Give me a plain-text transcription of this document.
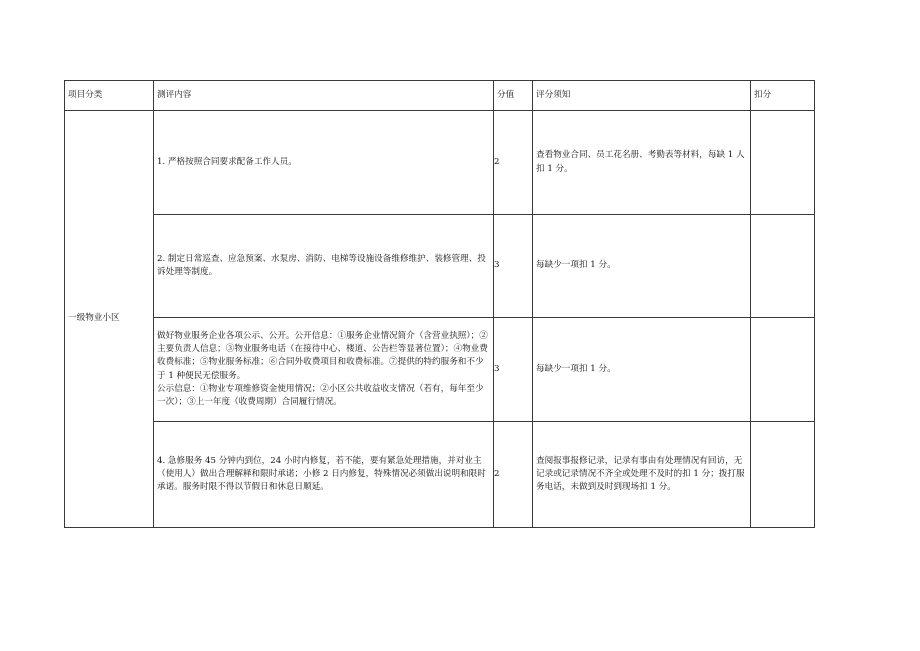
项目分类	测评内容	分值	评分须知	扣分
一级物业小区	1. 严格按照合同要求配备工作人员。	2	查看物业合同、员工花名册、考勤表等材料，每缺 1 人扣 1 分。	

	2. 制定日常巡查、应急预案、水泵房、消防、电梯等设施设备维修维护、装修管理、投诉处理等制度。	3	每缺少一项扣 1 分。	

	做好物业服务企业各项公示、公开。公开信息：①服务企业情况简介（含营业执照）；②主要负责人信息；③物业服务电话（在接待中心、楼道、公告栏等显著位置）；④物业费收费标准；⑤物业服务标准；⑥合同外收费项目和收费标准。⑦提供的特约服务和不少于 1 种便民无偿服务。
公示信息：①物业专项维修资金使用情况；②小区公共收益收支情况（若有，每年至少一次）；③上一年度（收费周期）合同履行情况。	3	每缺少一项扣 1 分。	

	4. 急修服务 45 分钟内到位，24 小时内修复，若不能，要有紧急处理措施，并对业主（使用人）做出合理解释和限时承诺；小修 2 日内修复，特殊情况必须做出说明和限时承诺。服务时限不得以节假日和休息日顺延。	2	查阅报事报修记录，记录有事由有处理情况有回访，无记录或记录情况不齐全或处理不及时的扣 1 分；拨打服务电话，未做到及时到现场扣 1 分。	
